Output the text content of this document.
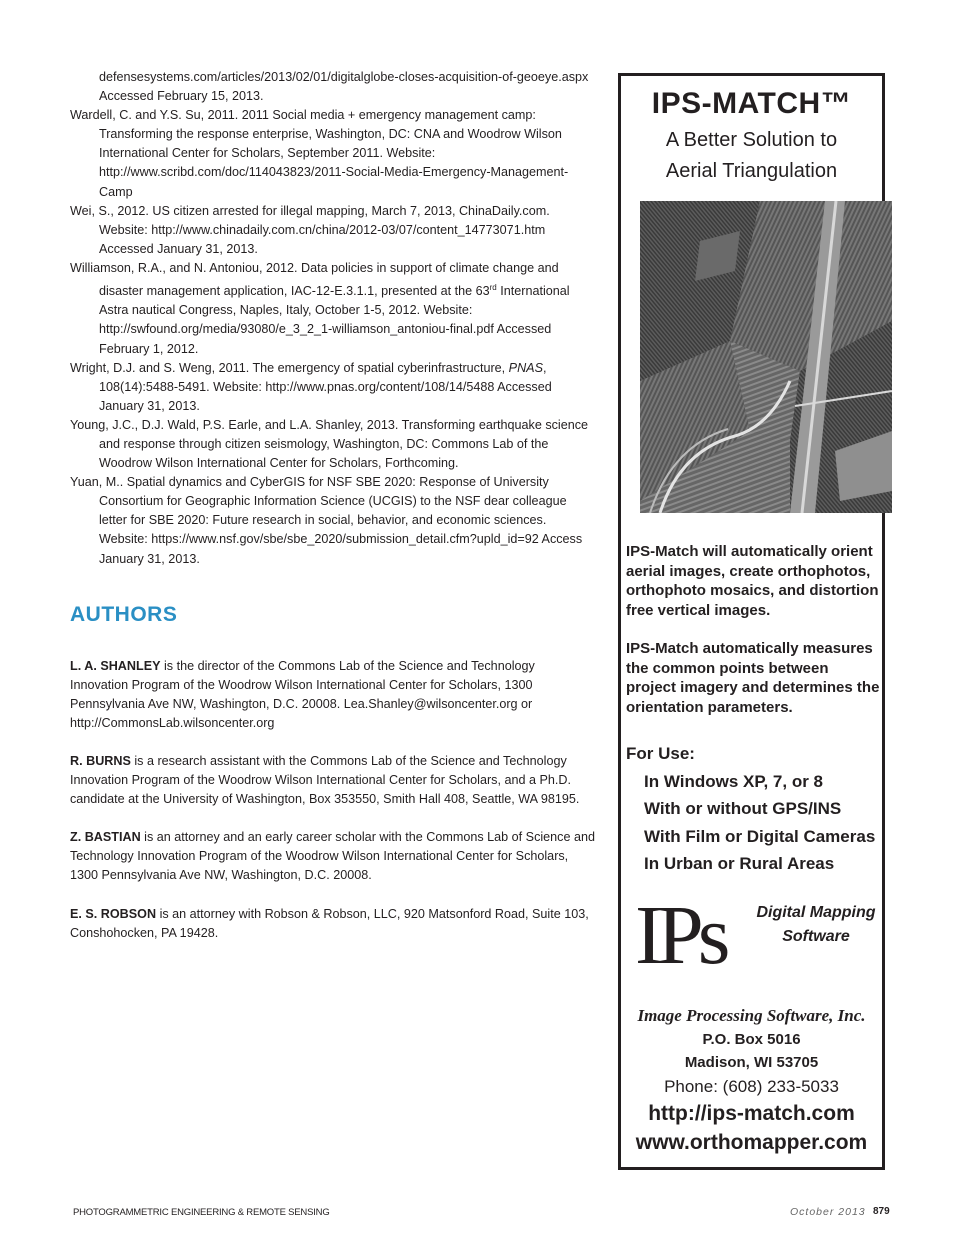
defensesystems.com/articles/2013/02/01/digitalglobe-closes-acquisition-of-geoeye.aspx Accessed February 15, 2013.

Wardell, C. and Y.S. Su, 2011. 2011 Social media + emergency management camp: Transforming the response enterprise, Washington, DC: CNA and Woodrow Wilson International Center for Scholars, September 2011. Website: http://www.scribd.com/doc/114043823/2011-Social-Media-Emergency-Management-Camp

Wei, S., 2012. US citizen arrested for illegal mapping, March 7, 2013, ChinaDaily.com. Website: http://www.chinadaily.com.cn/china/2012-03/07/content_14773071.htm Accessed January 31, 2013.

Williamson, R.A., and N. Antoniou, 2012. Data policies in support of climate change and disaster management application, IAC-12-E.3.1.1, presented at the 63rd International Astra nautical Congress, Naples, Italy, October 1-5, 2012. Website: http://swfound.org/media/93080/e_3_2_1-williamson_antoniou-final.pdf Accessed February 1, 2012.

Wright, D.J. and S. Weng, 2011. The emergency of spatial cyberinfrastructure, PNAS, 108(14):5488-5491. Website: http://www.pnas.org/content/108/14/5488 Accessed January 31, 2013.

Young, J.C., D.J. Wald, P.S. Earle, and L.A. Shanley, 2013. Transforming earthquake science and response through citizen seismology, Washington, DC: Commons Lab of the Woodrow Wilson International Center for Scholars, Forthcoming.

Yuan, M.. Spatial dynamics and CyberGIS for NSF SBE 2020: Response of University Consortium for Geographic Information Science (UCGIS) to the NSF dear colleague letter for SBE 2020: Future research in social, behavior, and economic sciences. Website: https://www.nsf.gov/sbe/sbe_2020/submission_detail.cfm?upld_id=92 Access January 31, 2013.

AUTHORS

L. A. SHANLEY is the director of the Commons Lab of the Science and Technology Innovation Program of the Woodrow Wilson International Center for Scholars, 1300 Pennsylvania Ave NW, Washington, D.C. 20008. Lea.Shanley@wilsoncenter.org or http://CommonsLab.wilsoncenter.org

R. BURNS is a research assistant with the Commons Lab of the Science and Technology Innovation Program of the Woodrow Wilson International Center for Scholars, and a Ph.D. candidate at the University of Washington, Box 353550, Smith Hall 408, Seattle, WA 98195.

Z. BASTIAN is an attorney and an early career scholar with the Commons Lab of Science and Technology Innovation Program of the Woodrow Wilson International Center for Scholars, 1300 Pennsylvania Ave NW, Washington, D.C. 20008.

E. S. ROBSON is an attorney with Robson & Robson, LLC, 920 Matsonford Road, Suite 103, Conshohocken, PA 19428.

IPS-MATCH™
A Better Solution to
Aerial Triangulation

IPS-Match will automatically orient aerial images, create orthophotos, orthophoto mosaics, and distortion free vertical images.

IPS-Match automatically measures the common points between project imagery and determines the orientation parameters.

For Use:
In Windows XP, 7, or 8
With or without GPS/INS
With Film or Digital Cameras
In Urban or Rural Areas
IPs	Digital Mapping
Software
Image Processing Software, Inc.
P.O. Box 5016
Madison, WI 53705
Phone: (608) 233-5033
http://ips-match.com
www.orthomapper.com
PHOTOGRAMMETRIC ENGINEERING & REMOTE SENSING	October 2013 879
